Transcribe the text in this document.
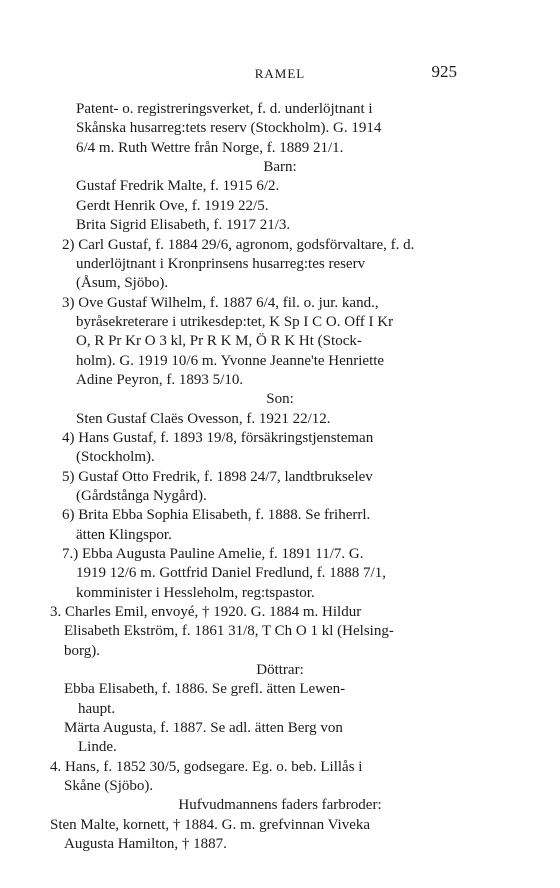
RAMEL	925
Patent- o. registreringsverket, f. d. underlöjtnant i
Skånska husarreg:tets reserv (Stockholm). G. 1914
6/4 m. Ruth Wettre från Norge, f. 1889 21/1.
Barn:
Gustaf Fredrik Malte, f. 1915 6/2.
Gerdt Henrik Ove, f. 1919 22/5.
Brita Sigrid Elisabeth, f. 1917 21/3.
2) Carl Gustaf, f. 1884 29/6, agronom, godsförvaltare, f. d.
underlöjtnant i Kronprinsens husarreg:tes reserv
(Åsum, Sjöbo).
3) Ove Gustaf Wilhelm, f. 1887 6/4, fil. o. jur. kand.,
byråsekreterare i utrikesdep:tet, K Sp I C O. Off I Kr
O, R Pr Kr O 3 kl, Pr R K M, Ö R K Ht (Stock-
holm). G. 1919 10/6 m. Yvonne Jeanne'te Henriette
Adine Peyron, f. 1893 5/10.
Son:
Sten Gustaf Claës Ovesson, f. 1921 22/12.
4) Hans Gustaf, f. 1893 19/8, försäkringstjensteman
(Stockholm).
5) Gustaf Otto Fredrik, f. 1898 24/7, landtbrukselev
(Gårdstånga Nygård).
6) Brita Ebba Sophia Elisabeth, f. 1888. Se friherrl.
ätten Klingspor.
7.) Ebba Augusta Pauline Amelie, f. 1891 11/7. G.
1919 12/6 m. Gottfrid Daniel Fredlund, f. 1888 7/1,
komminister i Hessleholm, reg:tspastor.
3. Charles Emil, envoyé, † 1920. G. 1884 m. Hildur
Elisabeth Ekström, f. 1861 31/8, T Ch O 1 kl (Helsing-
borg).
Döttrar:
Ebba Elisabeth, f. 1886. Se grefl. ätten Lewen-
haupt.
Märta Augusta, f. 1887. Se adl. ätten Berg von
Linde.
4. Hans, f. 1852 30/5, godsegare. Eg. o. beb. Lillås i
Skåne (Sjöbo).
Hufvudmannens faders farbroder:
Sten Malte, kornett, † 1884. G. m. grefvinnan Viveka
Augusta Hamilton, † 1887.
